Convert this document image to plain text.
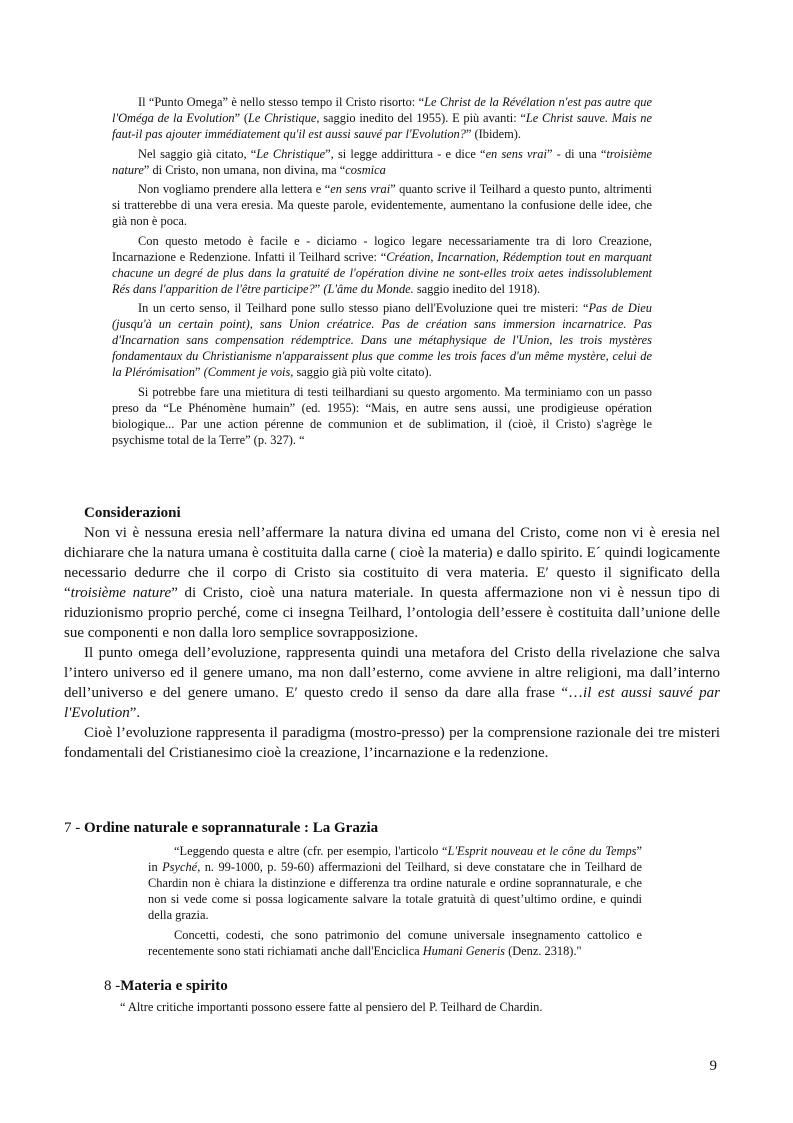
Il “Punto Omega” è nello stesso tempo il Cristo risorto: “Le Christ de la Révélation n'est pas autre que l'Oméga de la Evolution” (Le Christique, saggio inedito del 1955). E più avanti: “Le Christ sauve. Mais ne faut-il pas ajouter immédiatement qu'il est aussi sauvé par l'Evolution?” (Ibidem).

Nel saggio già citato, “Le Christique”, si legge addirittura - e dice “en sens vrai” - di una “troisième nature” di Cristo, non umana, non divina, ma “cosmica

Non vogliamo prendere alla lettera e “en sens vrai” quanto scrive il Teilhard a questo punto, altrimenti si tratterebbe di una vera eresia. Ma queste parole, evidentemente, aumentano la confusione delle idee, che già non è poca.

Con questo metodo è facile e - diciamo - logico legare necessariamente tra di loro Creazione, Incarnazione e Redenzione. Infatti il Teilhard scrive: “Création, Incarnation, Rédemption tout en marquant chacune un degré de plus dans la gratuité de l'opération divine ne sont-elles troix aetes indissolublement Rés dans l'apparition de l'être participe?” (L'âme du Monde. saggio inedito del 1918).

In un certo senso, il Teilhard pone sullo stesso piano dell'Evoluzione quei tre misteri: “Pas de Dieu (jusqu'à un certain point), sans Union créatrice. Pas de création sans immersion incarnatrice. Pas d'Incarnation sans compensation rédemptrice. Dans une métaphysique de l'Union, les trois mystères fondamentaux du Christianisme n'apparaissent plus que comme les trois faces d'un même mystère, celui de la Plérómisation” (Comment je vois, saggio già più volte citato).

Si potrebbe fare una mietitura di testi teilhardiani su questo argomento. Ma terminiamo con un passo preso da “Le Phénomène humain” (ed. 1955): “Mais, en autre sens aussi, une prodigieuse opération biologique... Par une action pérenne de communion et de sublimation, il (cioè, il Cristo) s'agrège le psychisme total de la Terre” (p. 327). “

Considerazioni

Non vi è nessuna eresia nell’affermare la natura divina ed umana del Cristo, come non vi è eresia nel dichiarare che la natura umana è costituita dalla carne ( cioè la materia) e dallo spirito. E´ quindi logicamente necessario dedurre che il corpo di Cristo sia costituito di vera materia. E′ questo il significato della “troisième nature” di Cristo, cioè una natura materiale. In questa affermazione non vi è nessun tipo di riduzionismo proprio perché, come ci insegna Teilhard, l’ontologia dell’essere è costituita dall’unione delle sue componenti e non dalla loro semplice sovrapposizione.

Il punto omega dell’evoluzione, rappresenta quindi una metafora del Cristo della rivelazione che salva l’intero universo ed il genere umano, ma non dall’esterno, come avviene in altre religioni, ma dall’interno dell’universo e del genere umano. E′ questo credo il senso da dare alla frase “…il est aussi sauvé par l'Evolution”.

Cioè l’evoluzione rappresenta il paradigma (mostro-presso) per la comprensione razionale dei tre misteri fondamentali del Cristianesimo cioè la creazione, l’incarnazione e la redenzione.

7 - Ordine naturale e soprannaturale : La Grazia

“Leggendo questa e altre (cfr. per esempio, l'articolo “L'Esprit nouveau et le cône du Temps” in Psyché, n. 99-1000, p. 59-60) affermazioni del Teilhard, si deve constatare che in Teilhard de Chardin non è chiara la distinzione e differenza tra ordine naturale e ordine soprannaturale, e che non si vede come si possa logicamente salvare la totale gratuità di quest’ultimo ordine, e quindi della grazia.

Concetti, codesti, che sono patrimonio del comune universale insegnamento cattolico e recentemente sono stati richiamati anche dall'Enciclica Humani Generis (Denz. 2318)."

8 -Materia e spirito
“ Altre critiche importanti possono essere fatte al pensiero del P. Teilhard de Chardin.
9
